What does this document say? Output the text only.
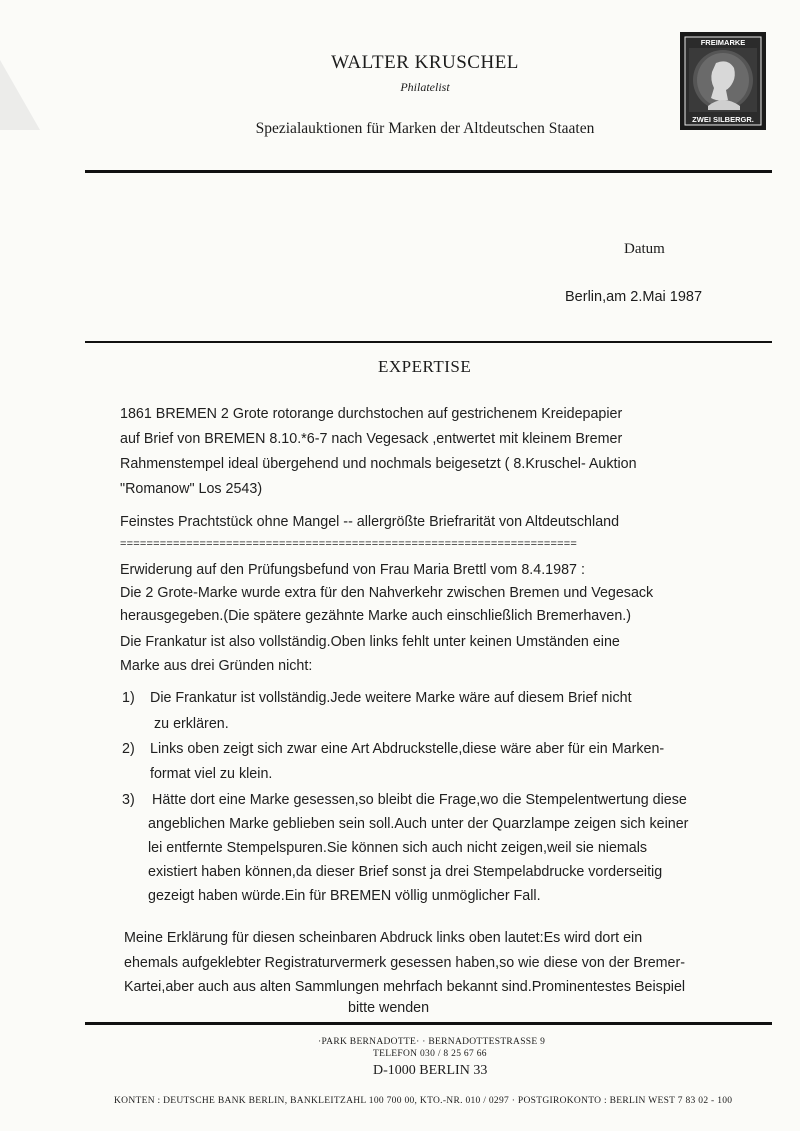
WALTER KRUSCHEL
Philatelist
Spezialauktionen für Marken der Altdeutschen Staaten
FREIMARKE
ZWEI SILBERGR.
Datum
Berlin,am 2.Mai 1987
EXPERTISE
1861 BREMEN 2 Grote rotorange durchstochen auf gestrichenem Kreidepapier
auf Brief von BREMEN 8.10.*6-7 nach Vegesack ,entwertet mit kleinem Bremer
Rahmenstempel ideal übergehend und nochmals beigesetzt ( 8.Kruschel- Auktion
"Romanow" Los 2543)
Feinstes Prachtstück ohne Mangel -- allergrößte Briefrarität von Altdeutschland
=====================================================================
Erwiderung auf den Prüfungsbefund von Frau Maria Brettl vom 8.4.1987 :
Die 2 Grote-Marke wurde extra für den Nahverkehr zwischen Bremen und Vegesack
herausgegeben.(Die spätere gezähnte Marke auch einschließlich Bremerhaven.)
Die Frankatur ist also vollständig.Oben links fehlt unter keinen Umständen eine
Marke aus drei Gründen nicht:
1) Die Frankatur ist vollständig.Jede weitere Marke wäre auf diesem Brief nicht
zu erklären.
2) Links oben zeigt sich zwar eine Art Abdruckstelle,diese wäre aber für ein Marken-
format viel zu klein.
3) Hätte dort eine Marke gesessen,so bleibt die Frage,wo die Stempelentwertung diese
angeblichen Marke geblieben sein soll.Auch unter der Quarzlampe zeigen sich keiner
lei entfernte Stempelspuren.Sie können sich auch nicht zeigen,weil sie niemals
existiert haben können,da dieser Brief sonst ja drei Stempelabdrucke vorderseitig
gezeigt haben würde.Ein für BREMEN völlig unmöglicher Fall.
Meine Erklärung für diesen scheinbaren Abdruck links oben lautet:Es wird dort ein
ehemals aufgeklebter Registraturvermerk gesessen haben,so wie diese von der Bremer-
Kartei,aber auch aus alten Sammlungen mehrfach bekannt sind.Prominentestes Beispiel
bitte wenden
·PARK BERNADOTTE· · BERNADOTTESTRASSE 9
TELEFON 030 / 8 25 67 66
D-1000 BERLIN 33
KONTEN : DEUTSCHE BANK BERLIN, BANKLEITZAHL 100 700 00, KTO.-NR. 010 / 0297 · POSTGIROKONTO : BERLIN WEST 7 83 02 - 100
